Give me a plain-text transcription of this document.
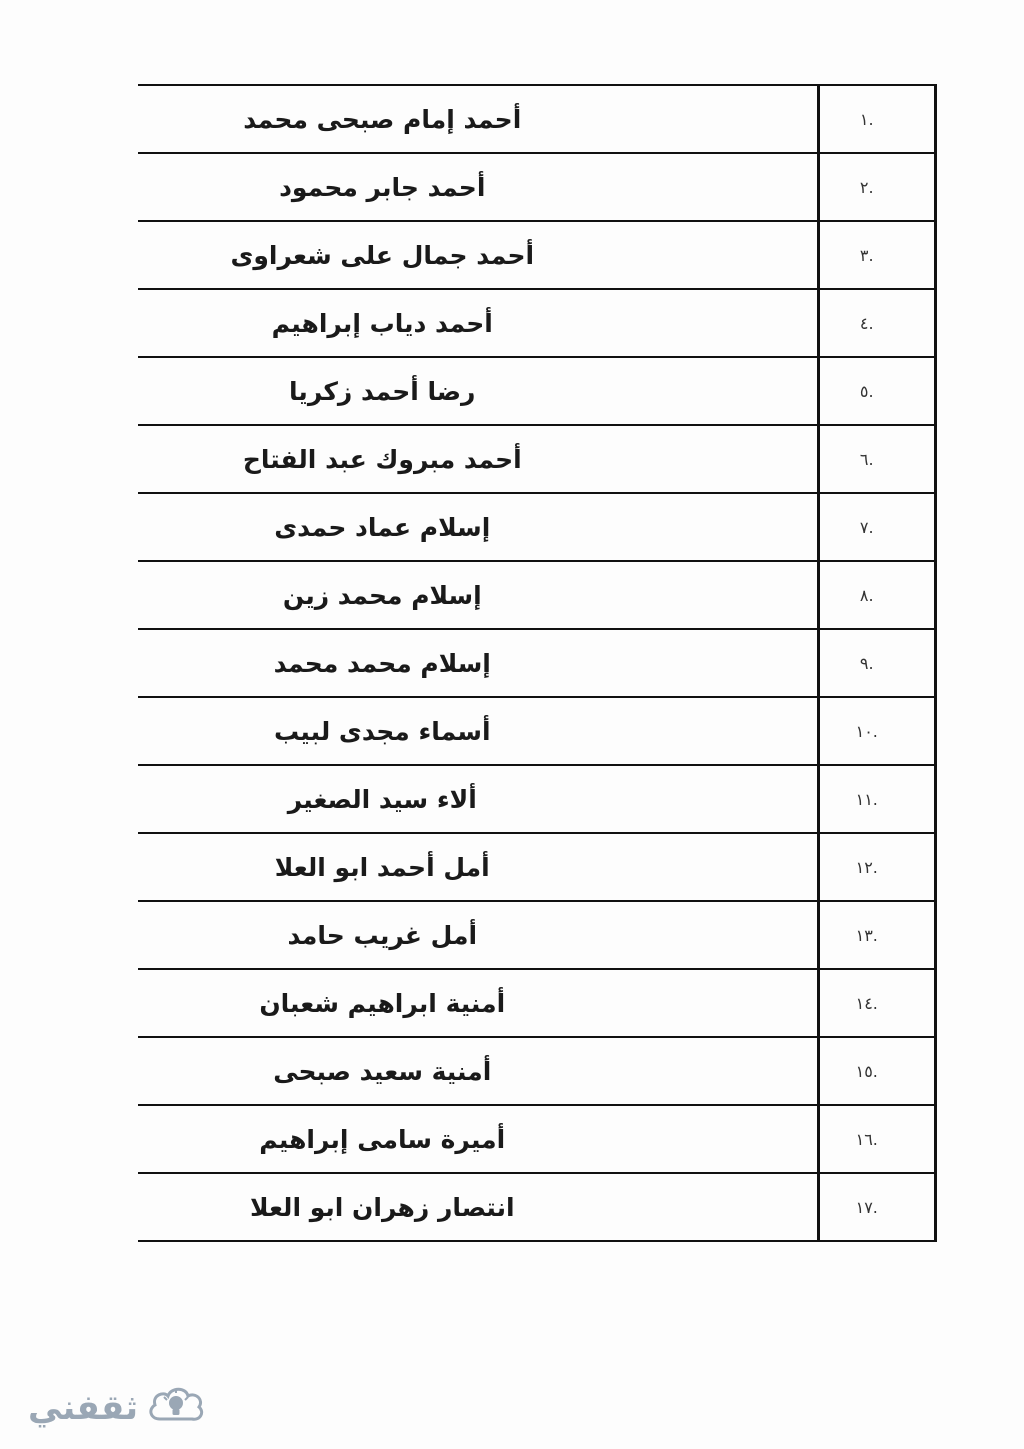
أحمد إمام صبحى محمد	.١
أحمد جابر محمود	.٢
أحمد جمال على شعراوى	.٣
أحمد دياب إبراهيم	.٤
رضا أحمد زكريا	.٥
أحمد مبروك عبد الفتاح	.٦
إسلام عماد حمدى	.٧
إسلام محمد زين	.٨
إسلام محمد محمد	.٩
أسماء مجدى لبيب	.١٠
ألاء سيد الصغير	.١١
أمل أحمد ابو العلا	.١٢
أمل غريب حامد	.١٣
أمنية ابراهيم شعبان	.١٤
أمنية سعيد صبحى	.١٥
أميرة سامى إبراهيم	.١٦
انتصار زهران ابو العلا	.١٧
ثقفني
